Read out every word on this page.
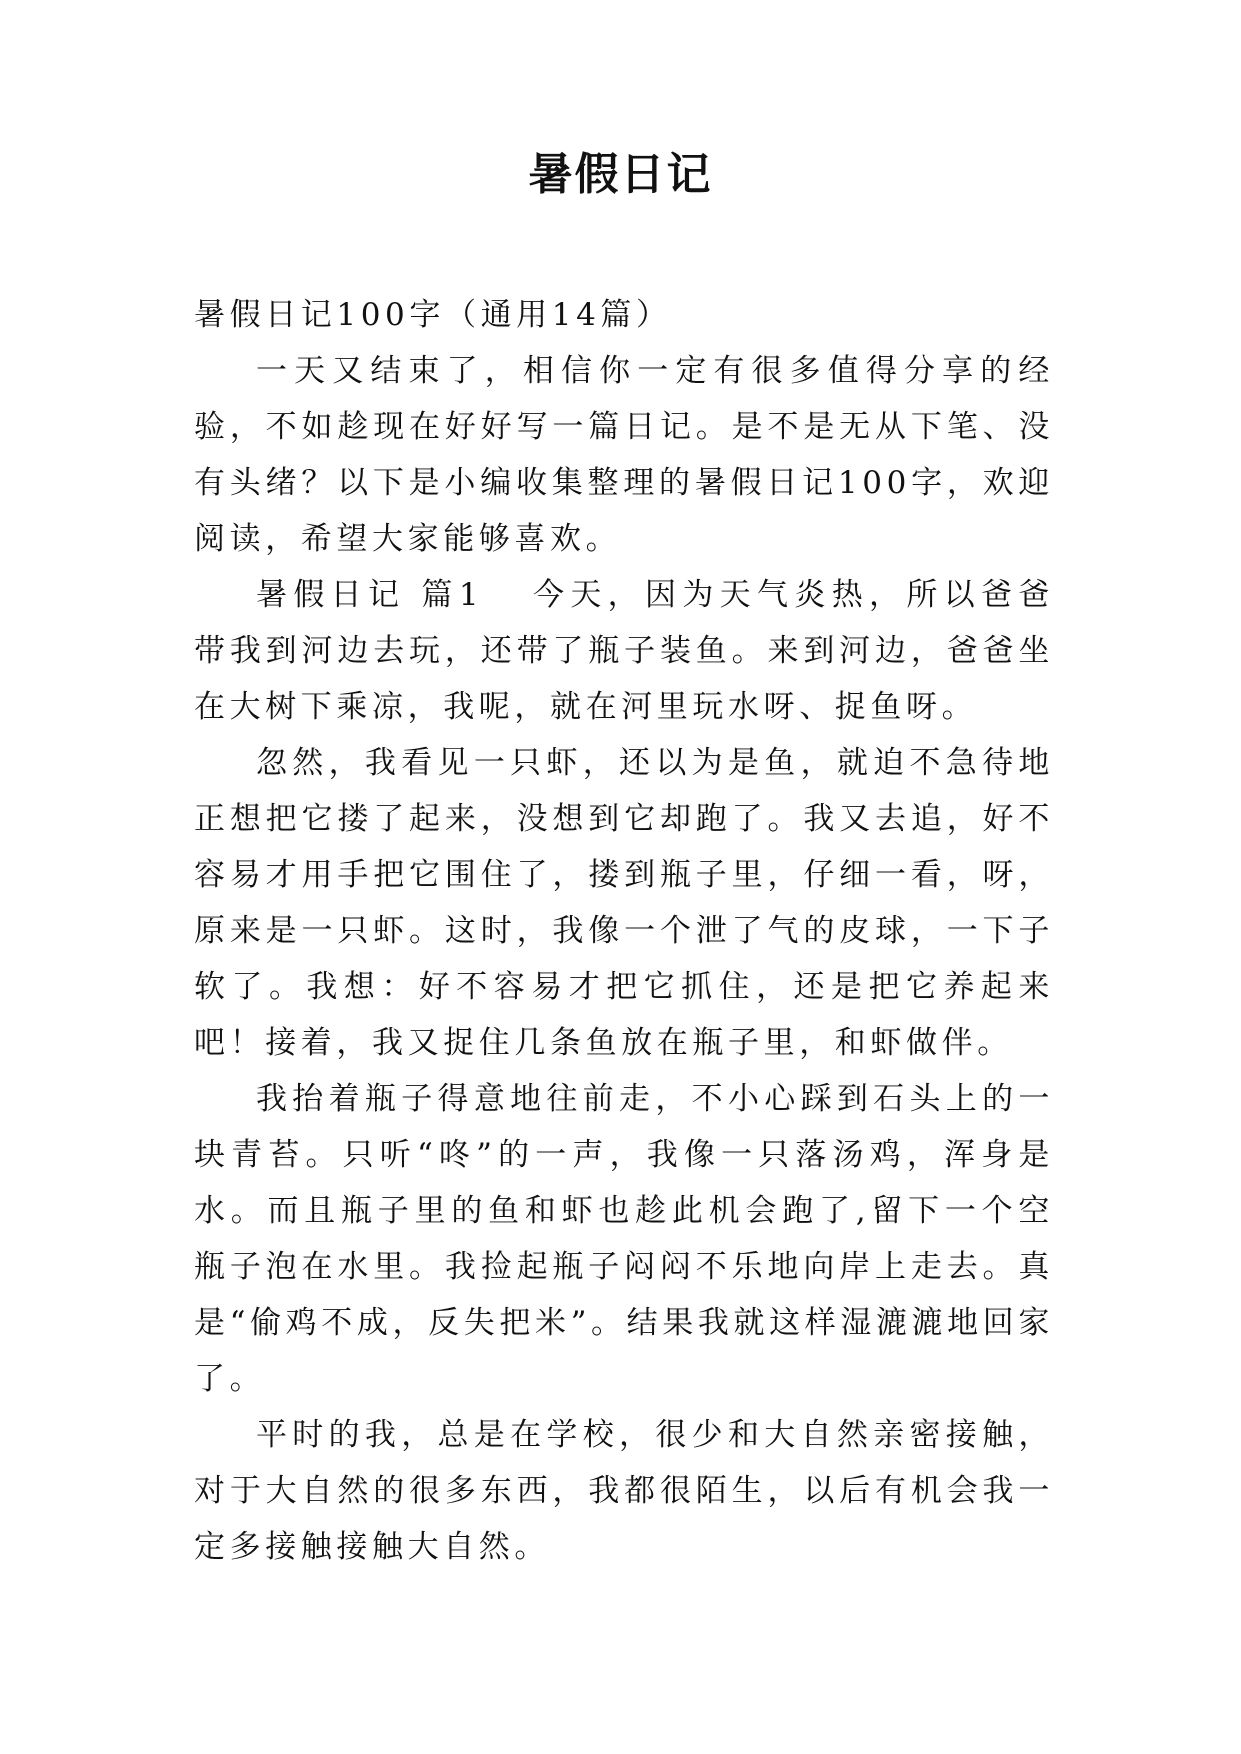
暑假日记

暑假日记100字（通用14篇）

一天又结束了，相信你一定有很多值得分享的经验，不如趁现在好好写一篇日记。是不是无从下笔、没有头绪？以下是小编收集整理的暑假日记100字，欢迎阅读，希望大家能够喜欢。

暑假日记 篇1 今天，因为天气炎热，所以爸爸带我到河边去玩，还带了瓶子装鱼。来到河边，爸爸坐在大树下乘凉，我呢，就在河里玩水呀、捉鱼呀。

忽然，我看见一只虾，还以为是鱼，就迫不急待地正想把它搂了起来，没想到它却跑了。我又去追，好不容易才用手把它围住了，搂到瓶子里，仔细一看，呀，原来是一只虾。这时，我像一个泄了气的皮球，一下子软了。我想：好不容易才把它抓住，还是把它养起来吧！接着，我又捉住几条鱼放在瓶子里，和虾做伴。

我抬着瓶子得意地往前走，不小心踩到石头上的一块青苔。只听“咚”的一声，我像一只落汤鸡，浑身是水。而且瓶子里的鱼和虾也趁此机会跑了,留下一个空瓶子泡在水里。我捡起瓶子闷闷不乐地向岸上走去。真是“偷鸡不成，反失把米”。结果我就这样湿漉漉地回家了。

平时的我，总是在学校，很少和大自然亲密接触，对于大自然的很多东西，我都很陌生，以后有机会我一定多接触接触大自然。
